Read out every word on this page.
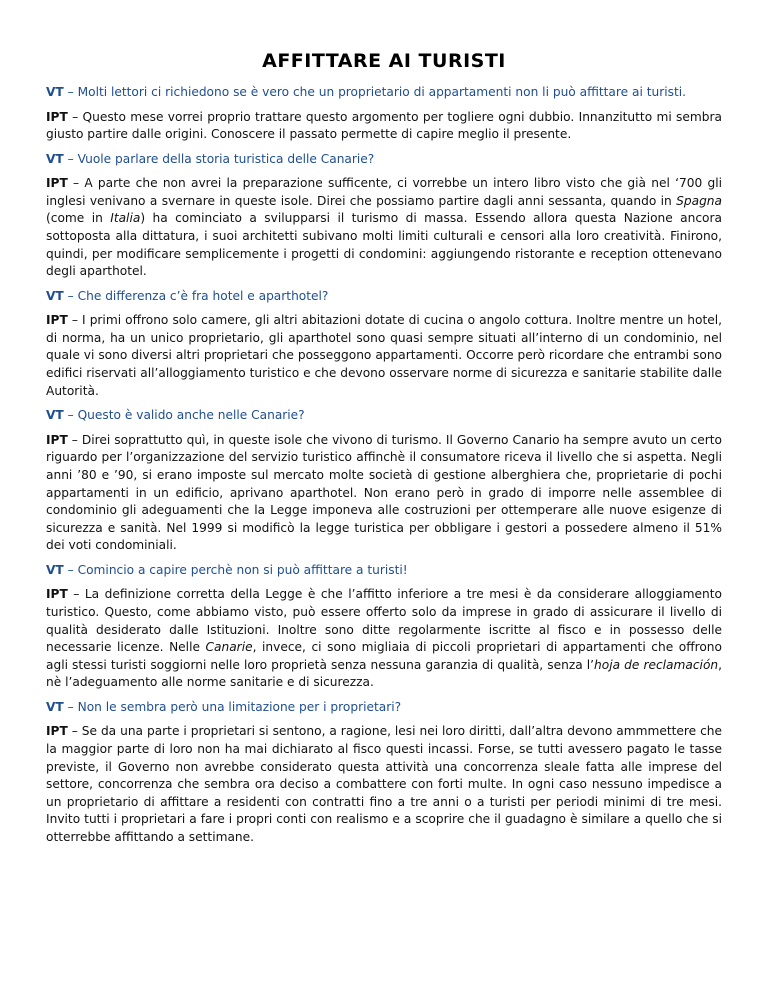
AFFITTARE AI TURISTI

VT – Molti lettori ci richiedono se è vero che un proprietario di appartamenti non li può affittare ai turisti.

IPT – Questo mese vorrei proprio trattare questo argomento per togliere ogni dubbio. Innanzitutto mi sembra giusto partire dalle origini. Conoscere il passato permette di capire meglio il presente.

VT – Vuole parlare della storia turistica delle Canarie?

IPT – A parte che non avrei la preparazione sufficente, ci vorrebbe un intero libro visto che già nel ‘700 gli inglesi venivano a svernare in queste isole. Direi che possiamo partire dagli anni sessanta, quando in Spagna (come in Italia) ha cominciato a svilupparsi il turismo di massa. Essendo allora questa Nazione ancora sottoposta alla dittatura, i suoi architetti subivano molti limiti culturali e censori alla loro creatività. Finirono, quindi, per modificare semplicemente i progetti di condomini: aggiungendo ristorante e reception ottenevano degli aparthotel.

VT – Che differenza c’è fra hotel e aparthotel?

IPT – I primi offrono solo camere, gli altri abitazioni dotate di cucina o angolo cottura. Inoltre mentre un hotel, di norma, ha un unico proprietario, gli aparthotel sono quasi sempre situati all’interno di un condominio, nel quale vi sono diversi altri proprietari che posseggono appartamenti. Occorre però ricordare che entrambi sono edifici riservati all’alloggiamento turistico e che devono osservare norme di sicurezza e sanitarie stabilite dalle Autorità.

VT – Questo è valido anche nelle Canarie?

IPT – Direi soprattutto quì, in queste isole che vivono di turismo. Il Governo Canario ha sempre avuto un certo riguardo per l’organizzazione del servizio turistico affinchè il consumatore riceva il livello che si aspetta. Negli anni ’80 e ’90, si erano imposte sul mercato molte società di gestione alberghiera che, proprietarie di pochi appartamenti in un edificio, aprivano aparthotel. Non erano però in grado di imporre nelle assemblee di condominio gli adeguamenti che la Legge imponeva alle costruzioni per ottemperare alle nuove esigenze di sicurezza e sanità. Nel 1999 si modificò la legge turistica per obbligare i gestori a possedere almeno il 51% dei voti condominiali.

VT – Comincio a capire perchè non si può affittare a turisti!

IPT – La definizione corretta della Legge è che l’affitto inferiore a tre mesi è da considerare alloggiamento turistico. Questo, come abbiamo visto, può essere offerto solo da imprese in grado di assicurare il livello di qualità desiderato dalle Istituzioni. Inoltre sono ditte regolarmente iscritte al fisco e in possesso delle necessarie licenze. Nelle Canarie, invece, ci sono migliaia di piccoli proprietari di appartamenti che offrono agli stessi turisti soggiorni nelle loro proprietà senza nessuna garanzia di qualità, senza l’hoja de reclamación, nè l’adeguamento alle norme sanitarie e di sicurezza.

VT – Non le sembra però una limitazione per i proprietari?

IPT – Se da una parte i proprietari si sentono, a ragione, lesi nei loro diritti, dall’altra devono ammmettere che la maggior parte di loro non ha mai dichiarato al fisco questi incassi. Forse, se tutti avessero pagato le tasse previste, il Governo non avrebbe considerato questa attività una concorrenza sleale fatta alle imprese del settore, concorrenza che sembra ora deciso a combattere con forti multe. In ogni caso nessuno impedisce a un proprietario di affittare a residenti con contratti fino a tre anni o a turisti per periodi minimi di tre mesi. Invito tutti i proprietari a fare i propri conti con realismo e a scoprire che il guadagno è similare a quello che si otterrebbe affittando a settimane.
